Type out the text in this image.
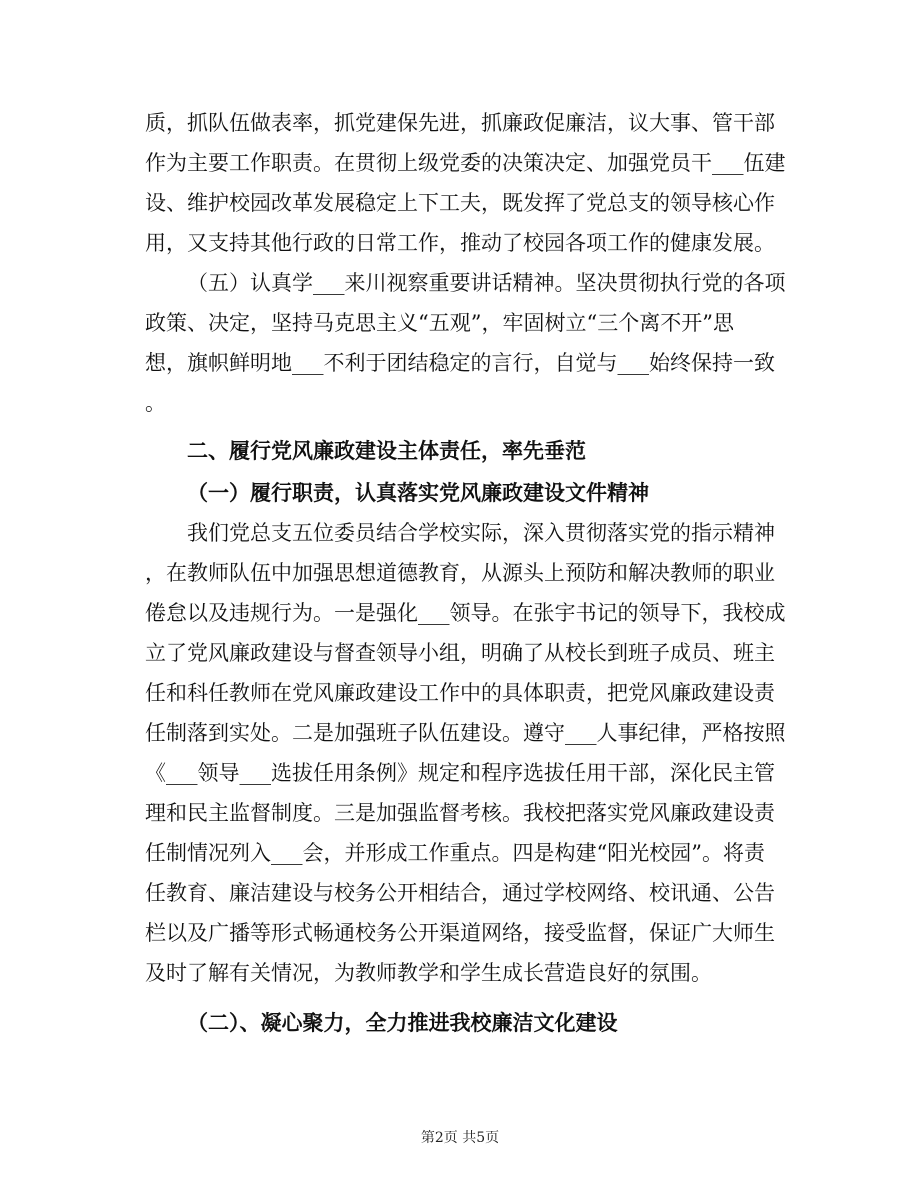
质，抓队伍做表率，抓党建保先进，抓廉政促廉洁，议大事、管干部
作为主要工作职责。在贯彻上级党委的决策决定、加强党员干___伍建
设、维护校园改革发展稳定上下工夫，既发挥了党总支的领导核心作
用，又支持其他行政的日常工作，推动了校园各项工作的健康发展。
（五）认真学___来川视察重要讲话精神。坚决贯彻执行党的各项
政策、决定，坚持马克思主义“五观”，牢固树立“三个离不开”思
想，旗帜鲜明地___不利于团结稳定的言行，自觉与___始终保持一致
。
二、履行党风廉政建设主体责任，率先垂范
（一）履行职责，认真落实党风廉政建设文件精神
我们党总支五位委员结合学校实际，深入贯彻落实党的指示精神
，在教师队伍中加强思想道德教育，从源头上预防和解决教师的职业
倦怠以及违规行为。一是强化___领导。在张宇书记的领导下，我校成
立了党风廉政建设与督查领导小组，明确了从校长到班子成员、班主
任和科任教师在党风廉政建设工作中的具体职责，把党风廉政建设责
任制落到实处。二是加强班子队伍建设。遵守___人事纪律，严格按照
《___领导___选拔任用条例》规定和程序选拔任用干部，深化民主管
理和民主监督制度。三是加强监督考核。我校把落实党风廉政建设责
任制情况列入___会，并形成工作重点。四是构建“阳光校园”。将责
任教育、廉洁建设与校务公开相结合，通过学校网络、校讯通、公告
栏以及广播等形式畅通校务公开渠道网络，接受监督，保证广大师生
及时了解有关情况，为教师教学和学生成长营造良好的氛围。
（二）、凝心聚力，全力推进我校廉洁文化建设
第2页 共5页
